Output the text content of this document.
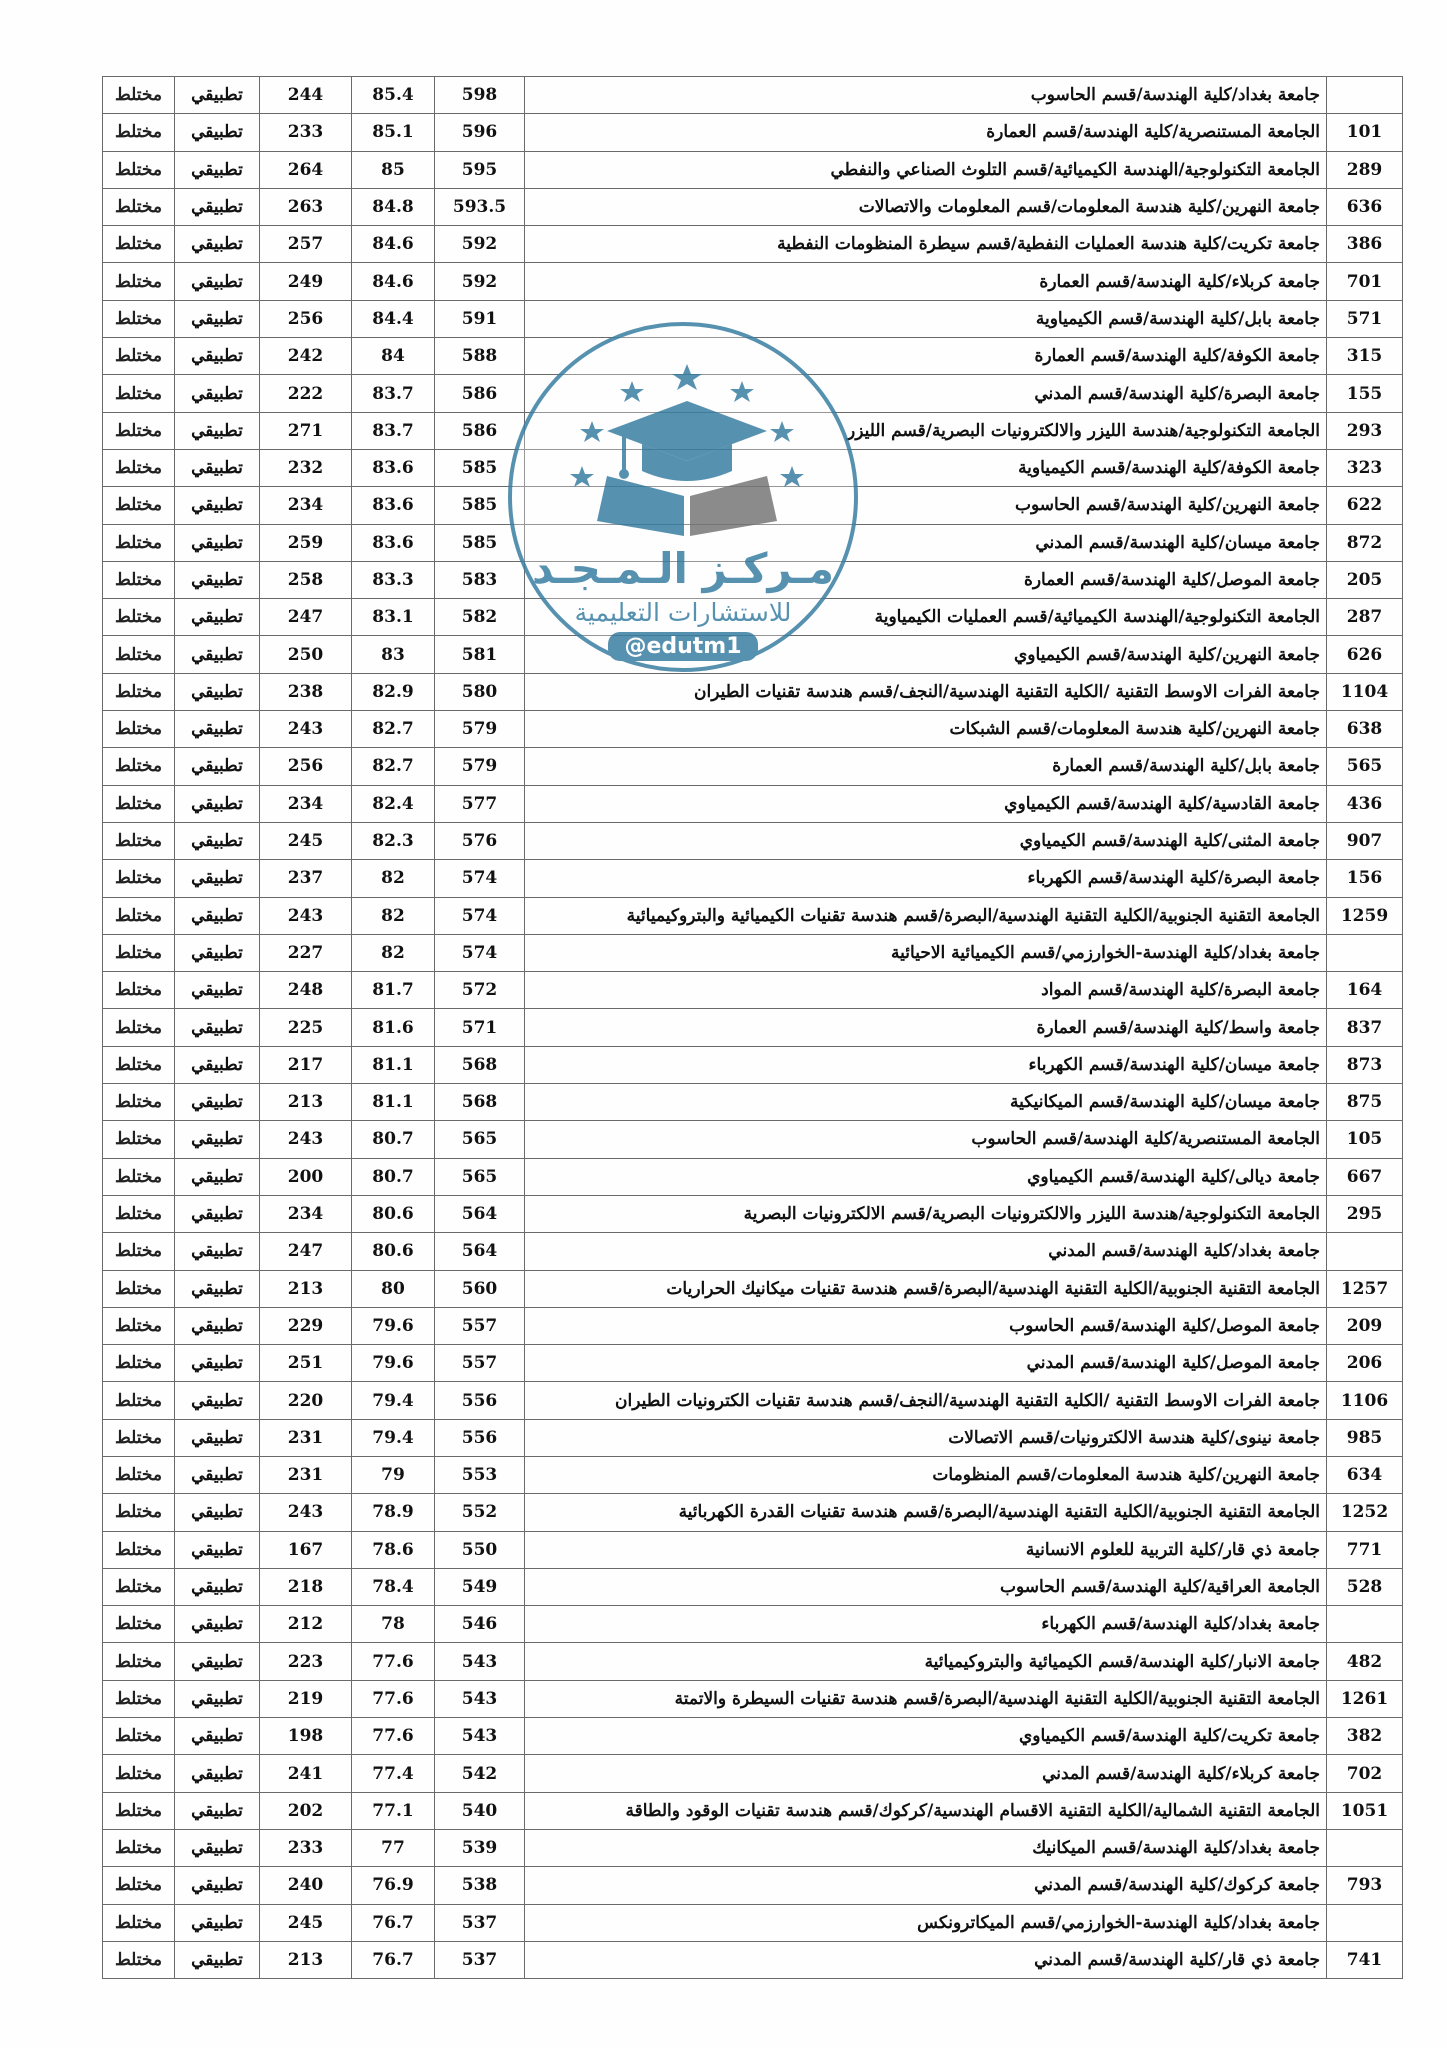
مختلط	تطبيقي	244	85.4	598	جامعة بغداد/كلية الهندسة/قسم الحاسوب	
مختلط	تطبيقي	233	85.1	596	الجامعة المستنصرية/كلية الهندسة/قسم العمارة	101
مختلط	تطبيقي	264	85	595	الجامعة التكنولوجية/الهندسة الكيميائية/قسم التلوث الصناعي والنفطي	289
مختلط	تطبيقي	263	84.8	593.5	جامعة النهرين/كلية هندسة المعلومات/قسم المعلومات والاتصالات	636
مختلط	تطبيقي	257	84.6	592	جامعة تكريت/كلية هندسة العمليات النفطية/قسم سيطرة المنظومات النفطية	386
مختلط	تطبيقي	249	84.6	592	جامعة كربلاء/كلية الهندسة/قسم العمارة	701
مختلط	تطبيقي	256	84.4	591	جامعة بابل/كلية الهندسة/قسم الكيمياوية	571
مختلط	تطبيقي	242	84	588	جامعة الكوفة/كلية الهندسة/قسم العمارة	315
مختلط	تطبيقي	222	83.7	586	جامعة البصرة/كلية الهندسة/قسم المدني	155
مختلط	تطبيقي	271	83.7	586	الجامعة التكنولوجية/هندسة الليزر والالكترونيات البصرية/قسم الليزر	293
مختلط	تطبيقي	232	83.6	585	جامعة الكوفة/كلية الهندسة/قسم الكيمياوية	323
مختلط	تطبيقي	234	83.6	585	جامعة النهرين/كلية الهندسة/قسم الحاسوب	622
مختلط	تطبيقي	259	83.6	585	جامعة ميسان/كلية الهندسة/قسم المدني	872
مختلط	تطبيقي	258	83.3	583	جامعة الموصل/كلية الهندسة/قسم العمارة	205
مختلط	تطبيقي	247	83.1	582	الجامعة التكنولوجية/الهندسة الكيميائية/قسم العمليات الكيمياوية	287
مختلط	تطبيقي	250	83	581	جامعة النهرين/كلية الهندسة/قسم الكيمياوي	626
مختلط	تطبيقي	238	82.9	580	جامعة الفرات الاوسط التقنية /الكلية التقنية الهندسية/النجف/قسم هندسة تقنيات الطيران	1104
مختلط	تطبيقي	243	82.7	579	جامعة النهرين/كلية هندسة المعلومات/قسم الشبكات	638
مختلط	تطبيقي	256	82.7	579	جامعة بابل/كلية الهندسة/قسم العمارة	565
مختلط	تطبيقي	234	82.4	577	جامعة القادسية/كلية الهندسة/قسم الكيمياوي	436
مختلط	تطبيقي	245	82.3	576	جامعة المثنى/كلية الهندسة/قسم الكيمياوي	907
مختلط	تطبيقي	237	82	574	جامعة البصرة/كلية الهندسة/قسم الكهرباء	156
مختلط	تطبيقي	243	82	574	الجامعة التقنية الجنوبية/الكلية التقنية الهندسية/البصرة/قسم هندسة تقنيات الكيميائية والبتروكيميائية	1259
مختلط	تطبيقي	227	82	574	جامعة بغداد/كلية الهندسة-الخوارزمي/قسم الكيميائية الاحيائية	
مختلط	تطبيقي	248	81.7	572	جامعة البصرة/كلية الهندسة/قسم المواد	164
مختلط	تطبيقي	225	81.6	571	جامعة واسط/كلية الهندسة/قسم العمارة	837
مختلط	تطبيقي	217	81.1	568	جامعة ميسان/كلية الهندسة/قسم الكهرباء	873
مختلط	تطبيقي	213	81.1	568	جامعة ميسان/كلية الهندسة/قسم الميكانيكية	875
مختلط	تطبيقي	243	80.7	565	الجامعة المستنصرية/كلية الهندسة/قسم الحاسوب	105
مختلط	تطبيقي	200	80.7	565	جامعة ديالى/كلية الهندسة/قسم الكيمياوي	667
مختلط	تطبيقي	234	80.6	564	الجامعة التكنولوجية/هندسة الليزر والالكترونيات البصرية/قسم الالكترونيات البصرية	295
مختلط	تطبيقي	247	80.6	564	جامعة بغداد/كلية الهندسة/قسم المدني	
مختلط	تطبيقي	213	80	560	الجامعة التقنية الجنوبية/الكلية التقنية الهندسية/البصرة/قسم هندسة تقنيات ميكانيك الحراريات	1257
مختلط	تطبيقي	229	79.6	557	جامعة الموصل/كلية الهندسة/قسم الحاسوب	209
مختلط	تطبيقي	251	79.6	557	جامعة الموصل/كلية الهندسة/قسم المدني	206
مختلط	تطبيقي	220	79.4	556	جامعة الفرات الاوسط التقنية /الكلية التقنية الهندسية/النجف/قسم هندسة تقنيات الكترونيات الطيران	1106
مختلط	تطبيقي	231	79.4	556	جامعة نينوى/كلية هندسة الالكترونيات/قسم الاتصالات	985
مختلط	تطبيقي	231	79	553	جامعة النهرين/كلية هندسة المعلومات/قسم المنظومات	634
مختلط	تطبيقي	243	78.9	552	الجامعة التقنية الجنوبية/الكلية التقنية الهندسية/البصرة/قسم هندسة تقنيات القدرة الكهربائية	1252
مختلط	تطبيقي	167	78.6	550	جامعة ذي قار/كلية التربية للعلوم الانسانية	771
مختلط	تطبيقي	218	78.4	549	الجامعة العراقية/كلية الهندسة/قسم الحاسوب	528
مختلط	تطبيقي	212	78	546	جامعة بغداد/كلية الهندسة/قسم الكهرباء	
مختلط	تطبيقي	223	77.6	543	جامعة الانبار/كلية الهندسة/قسم الكيميائية والبتروكيميائية	482
مختلط	تطبيقي	219	77.6	543	الجامعة التقنية الجنوبية/الكلية التقنية الهندسية/البصرة/قسم هندسة تقنيات السيطرة والاتمتة	1261
مختلط	تطبيقي	198	77.6	543	جامعة تكريت/كلية الهندسة/قسم الكيمياوي	382
مختلط	تطبيقي	241	77.4	542	جامعة كربلاء/كلية الهندسة/قسم المدني	702
مختلط	تطبيقي	202	77.1	540	الجامعة التقنية الشمالية/الكلية التقنية الاقسام الهندسية/كركوك/قسم هندسة تقنيات الوقود والطاقة	1051
مختلط	تطبيقي	233	77	539	جامعة بغداد/كلية الهندسة/قسم الميكانيك	
مختلط	تطبيقي	240	76.9	538	جامعة كركوك/كلية الهندسة/قسم المدني	793
مختلط	تطبيقي	245	76.7	537	جامعة بغداد/كلية الهندسة-الخوارزمي/قسم الميكاترونكس	
مختلط	تطبيقي	213	76.7	537	جامعة ذي قار/كلية الهندسة/قسم المدني	741
مـركـز الـمـجـد
للاستشارات التعليمية
@edutm1
